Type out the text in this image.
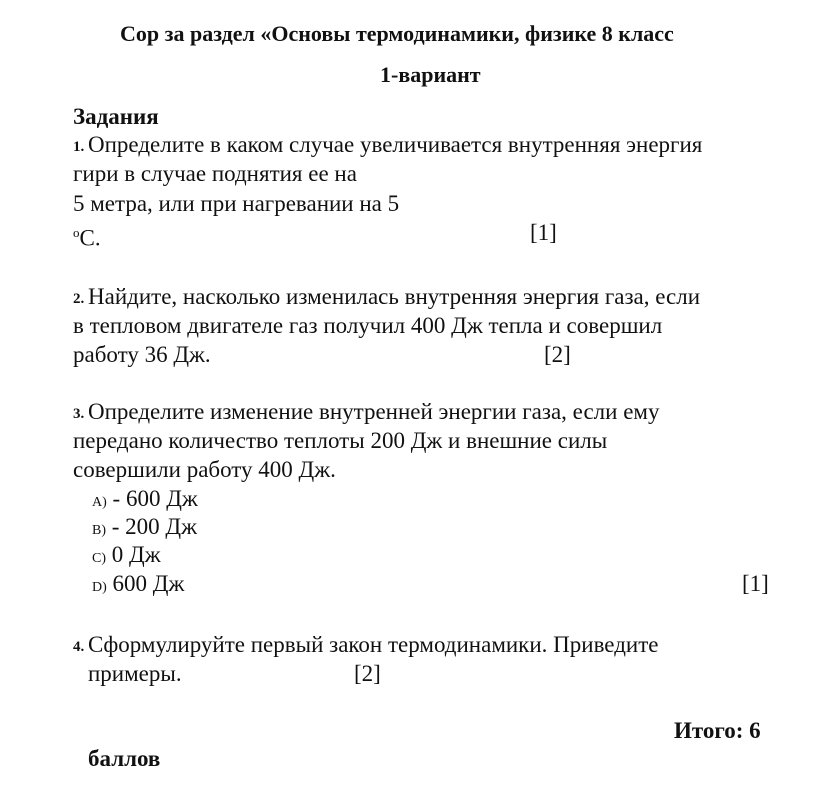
Сор за раздел «Основы термодинамики, физике 8 класс
1-вариант
Задания
1. Определите в каком случае увеличивается внутренняя энергия
гири в случае поднятия ее на
5 метра, или при нагревании на 5
$^o$C.	[1]
2. Найдите, насколько изменилась внутренняя энергия газа, если
в тепловом двигателе газ получил 400 Дж тепла и совершил
работу 36 Дж.	[2]
3. Определите изменение внутренней энергии газа, если ему
передано количество теплоты 200 Дж и внешние силы
совершили работу 400 Дж.
A) - 600 Дж
B) - 200 Дж
C) 0 Дж
D) 600 Дж	[1]
4. Сформулируйте первый закон термодинамики. Приведите
примеры.	[2]
Итого: 6
баллов
